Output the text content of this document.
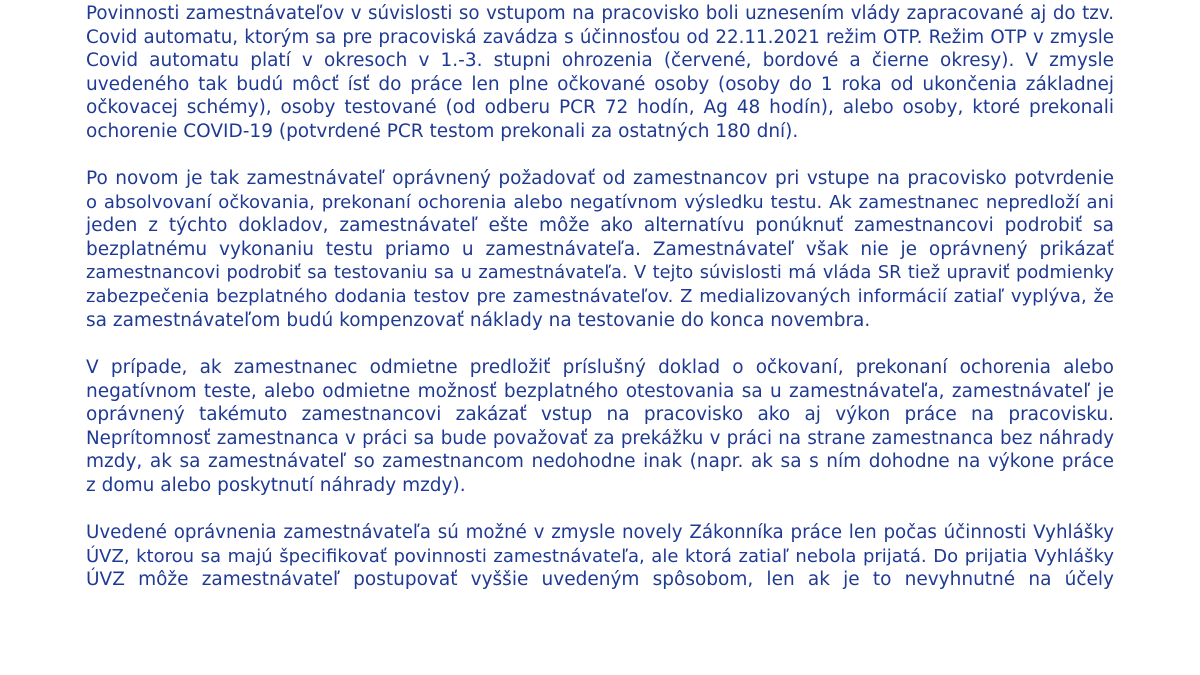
Povinnosti zamestnávateľov v súvislosti so vstupom na pracovisko boli uznesením vlády zapracované aj do tzv.
Covid automatu, ktorým sa pre pracoviská zavádza s účinnosťou od 22.11.2021 režim OTP. Režim OTP v zmysle
Covid automatu platí v okresoch v 1.-3. stupni ohrozenia (červené, bordové a čierne okresy). V zmysle
uvedeného tak budú môcť ísť do práce len plne očkované osoby (osoby do 1 roka od ukončenia základnej
očkovacej schémy), osoby testované (od odberu PCR 72 hodín, Ag 48 hodín), alebo osoby, ktoré prekonali
ochorenie COVID-19 (potvrdené PCR testom prekonali za ostatných 180 dní).

Po novom je tak zamestnávateľ oprávnený požadovať od zamestnancov pri vstupe na pracovisko potvrdenie
o absolvovaní očkovania, prekonaní ochorenia alebo negatívnom výsledku testu. Ak zamestnanec nepredloží ani
jeden z týchto dokladov, zamestnávateľ ešte môže ako alternatívu ponúknuť zamestnancovi podrobiť sa
bezplatnému vykonaniu testu priamo u zamestnávateľa. Zamestnávateľ však nie je oprávnený prikázať
zamestnancovi podrobiť sa testovaniu sa u zamestnávateľa. V tejto súvislosti má vláda SR tiež upraviť podmienky
zabezpečenia bezplatného dodania testov pre zamestnávateľov. Z medializovaných informácií zatiaľ vyplýva, že
sa zamestnávateľom budú kompenzovať náklady na testovanie do konca novembra.

V prípade, ak zamestnanec odmietne predložiť príslušný doklad o očkovaní, prekonaní ochorenia alebo
negatívnom teste, alebo odmietne možnosť bezplatného otestovania sa u zamestnávateľa, zamestnávateľ je
oprávnený takémuto zamestnancovi zakázať vstup na pracovisko ako aj výkon práce na pracovisku.
Neprítomnosť zamestnanca v práci sa bude považovať za prekážku v práci na strane zamestnanca bez náhrady
mzdy, ak sa zamestnávateľ so zamestnancom nedohodne inak (napr. ak sa s ním dohodne na výkone práce
z domu alebo poskytnutí náhrady mzdy).

Uvedené oprávnenia zamestnávateľa sú možné v zmysle novely Zákonníka práce len počas účinnosti Vyhlášky
ÚVZ, ktorou sa majú špecifikovať povinnosti zamestnávateľa, ale ktorá zatiaľ nebola prijatá. Do prijatia Vyhlášky
ÚVZ môže zamestnávateľ postupovať vyššie uvedeným spôsobom, len ak je to nevyhnutné na účely
